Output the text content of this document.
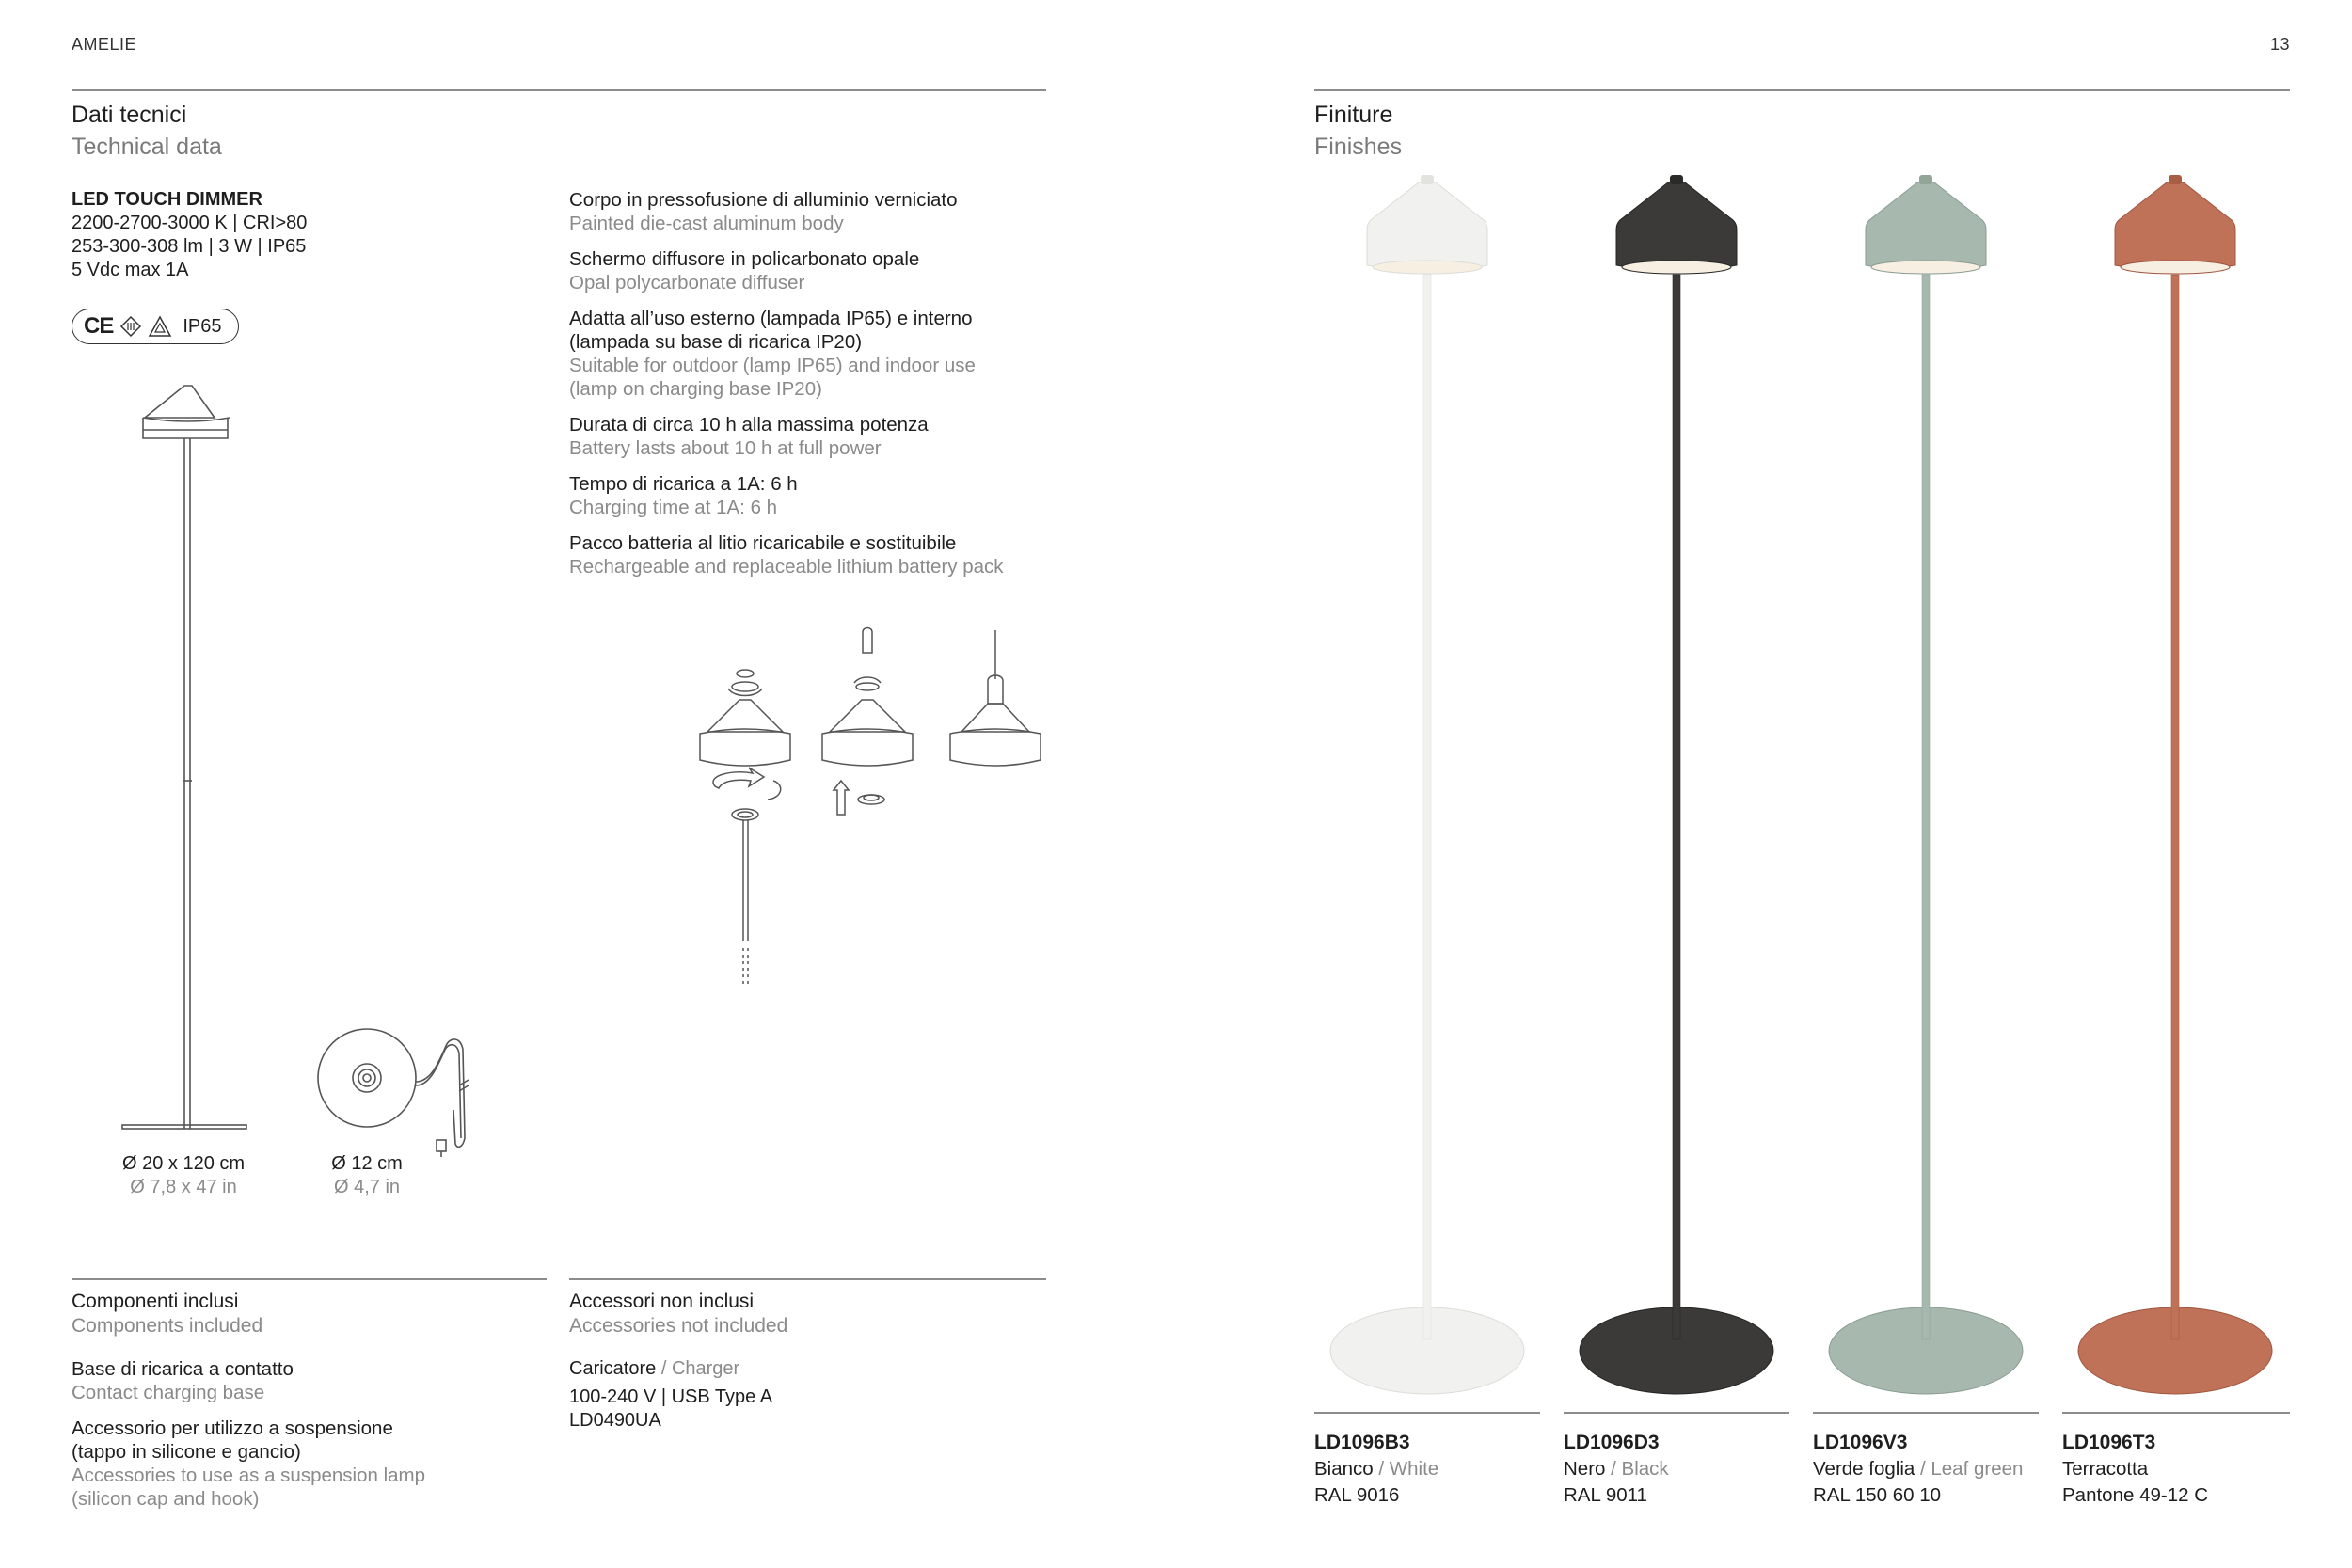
AMELIE	13
Dati tecnici
Technical data
LED TOUCH DIMMER
2200-2700-3000 K | CRI>80
253-300-308 lm | 3 W | IP65
5 Vdc max 1A
CE	IP65
Ø 20 x 120 cm
Ø 7,8 x 47 in
Ø 12 cm
Ø 4,7 in
Corpo in pressofusione di alluminio verniciato
Painted die-cast aluminum body
Schermo diffusore in policarbonato opale
Opal polycarbonate diffuser
Adatta all’uso esterno (lampada IP65) e interno
(lampada su base di ricarica IP20)
Suitable for outdoor (lamp IP65) and indoor use
(lamp on charging base IP20)
Durata di circa 10 h alla massima potenza
Battery lasts about 10 h at full power
Tempo di ricarica a 1A: 6 h
Charging time at 1A: 6 h
Pacco batteria al litio ricaricabile e sostituibile
Rechargeable and replaceable lithium battery pack
Componenti inclusi
Components included
Base di ricarica a contatto
Contact charging base
Accessorio per utilizzo a sospensione
(tappo in silicone e gancio)
Accessories to use as a suspension lamp
(silicon cap and hook)
Accessori non inclusi
Accessories not included
Caricatore / Charger
100-240 V | USB Type A
LD0490UA
Finiture
Finishes
LD1096B3
Bianco / White
RAL 9016
LD1096D3
Nero / Black
RAL 9011
LD1096V3
Verde foglia / Leaf green
RAL 150 60 10
LD1096T3
Terracotta
Pantone 49-12 C
